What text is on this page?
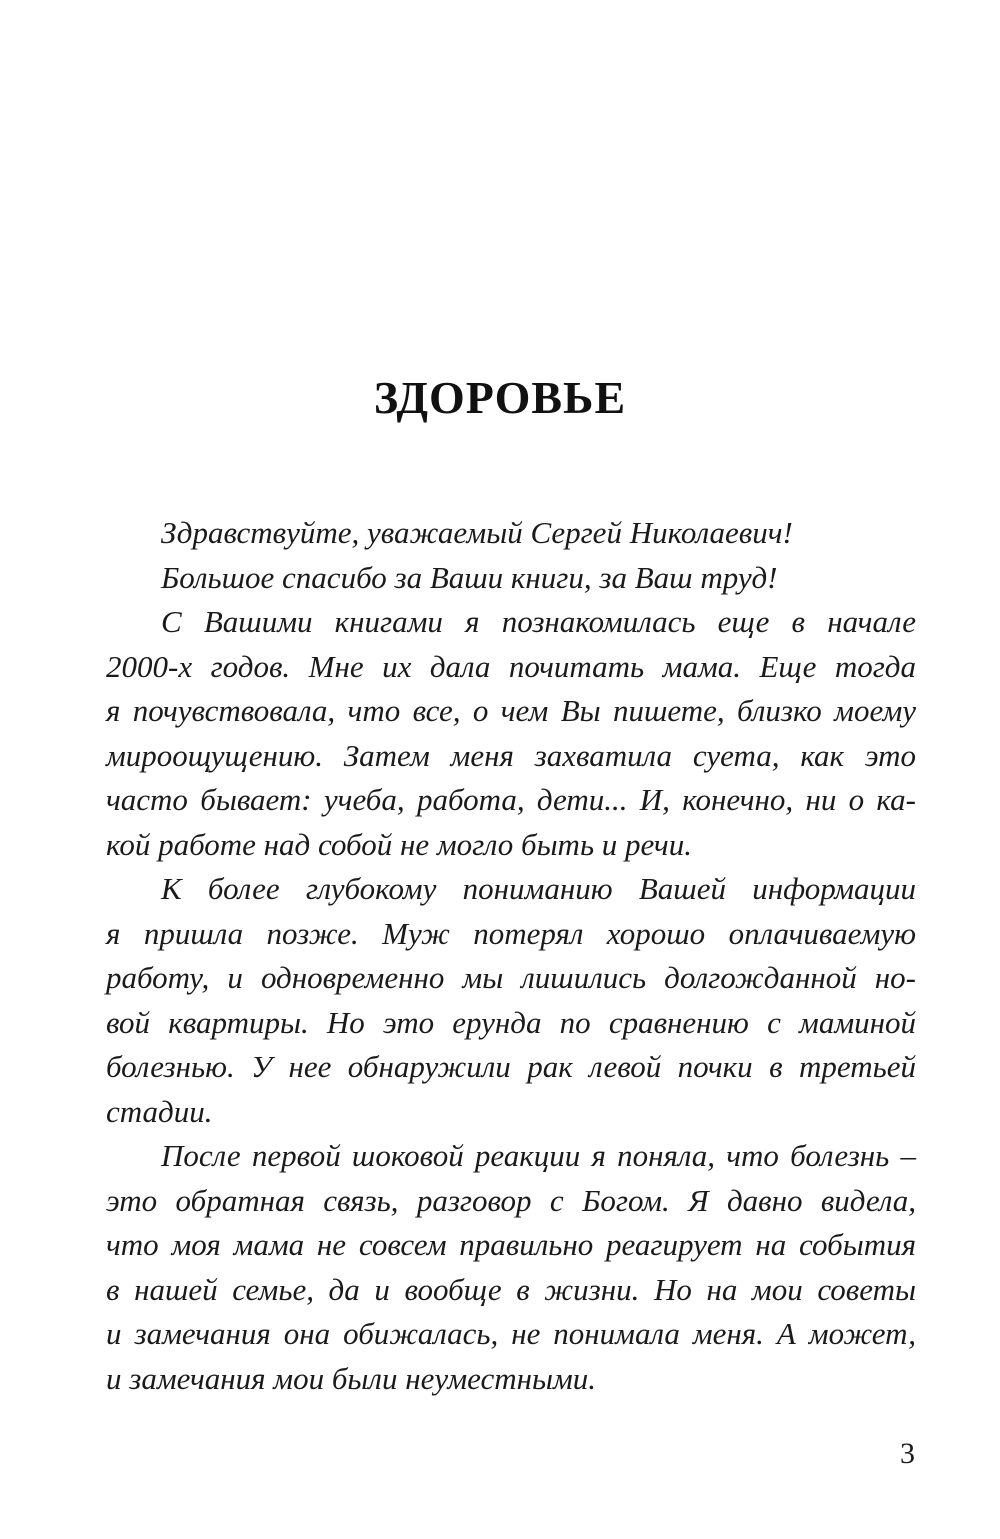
ЗДОРОВЬЕ
Здравствуйте, уважаемый Сергей Николаевич!
Большое спасибо за Ваши книги, за Ваш труд!
С Вашими книгами я познакомилась еще в начале
2000-х годов. Мне их дала почитать мама. Еще тогда
я почувствовала, что все, о чем Вы пишете, близко моему
мироощущению. Затем меня захватила суета, как это
часто бывает: учеба, работа, дети... И, конечно, ни о ка-
кой работе над собой не могло быть и речи.
К более глубокому пониманию Вашей информации
я пришла позже. Муж потерял хорошо оплачиваемую
работу, и одновременно мы лишились долгожданной но-
вой квартиры. Но это ерунда по сравнению с маминой
болезнью. У нее обнаружили рак левой почки в третьей
стадии.
После первой шоковой реакции я поняла, что болезнь –
это обратная связь, разговор с Богом. Я давно видела,
что моя мама не совсем правильно реагирует на события
в нашей семье, да и вообще в жизни. Но на мои советы
и замечания она обижалась, не понимала меня. А может,
и замечания мои были неуместными.
3
